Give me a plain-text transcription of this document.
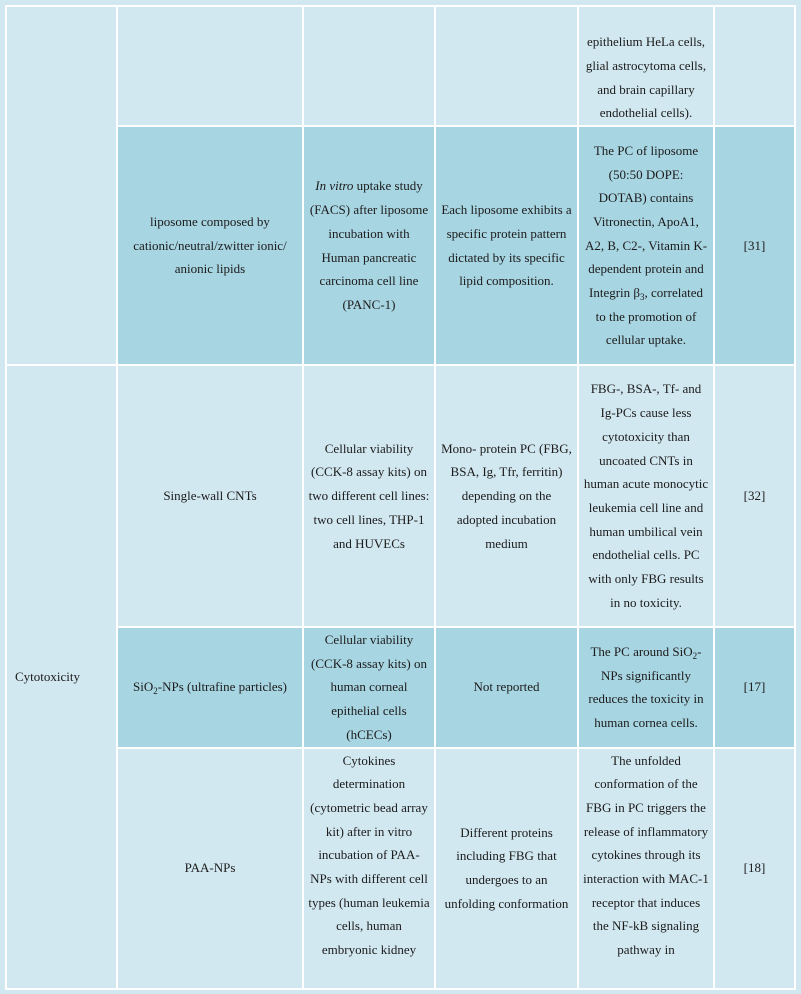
				epithelium HeLa cells, glial astrocytoma cells, and brain capillary endothelial cells).	
	liposome composed by cationic/neutral/zwitter ionic/ anionic lipids	In vitro uptake study (FACS) after liposome incubation with Human pancreatic carcinoma cell line (PANC-1)	Each liposome exhibits a specific protein pattern dictated by its specific lipid composition.	The PC of liposome (50:50 DOPE: DOTAB) contains Vitronectin, ApoA1, A2, B, C2-, Vitamin K-dependent protein and Integrin $\beta_3$, correlated to the promotion of cellular uptake.	[31]
Cytotoxicity	Single-wall CNTs	Cellular viability (CCK-8 assay kits) on two different cell lines: two cell lines, THP-1 and HUVECs	Mono- protein PC (FBG, BSA, Ig, Tfr, ferritin) depending on the adopted incubation medium	FBG-, BSA-, Tf- and Ig-PCs cause less cytotoxicity than uncoated CNTs in human acute monocytic leukemia cell line and human umbilical vein endothelial cells. PC with only FBG results in no toxicity.	[32]
	SiO$_2$-NPs (ultrafine particles)	Cellular viability (CCK-8 assay kits) on human corneal epithelial cells (hCECs)	Not reported	The PC around SiO$_2$-NPs significantly reduces the toxicity in human cornea cells.	[17]
	PAA-NPs	Cytokines determination (cytometric bead array kit) after in vitro incubation of PAA-NPs with different cell types (human leukemia cells, human embryonic kidney	Different proteins including FBG that undergoes to an unfolding conformation	The unfolded conformation of the FBG in PC triggers the release of inflammatory cytokines through its interaction with MAC-1 receptor that induces the NF-kB signaling pathway in	[18]
